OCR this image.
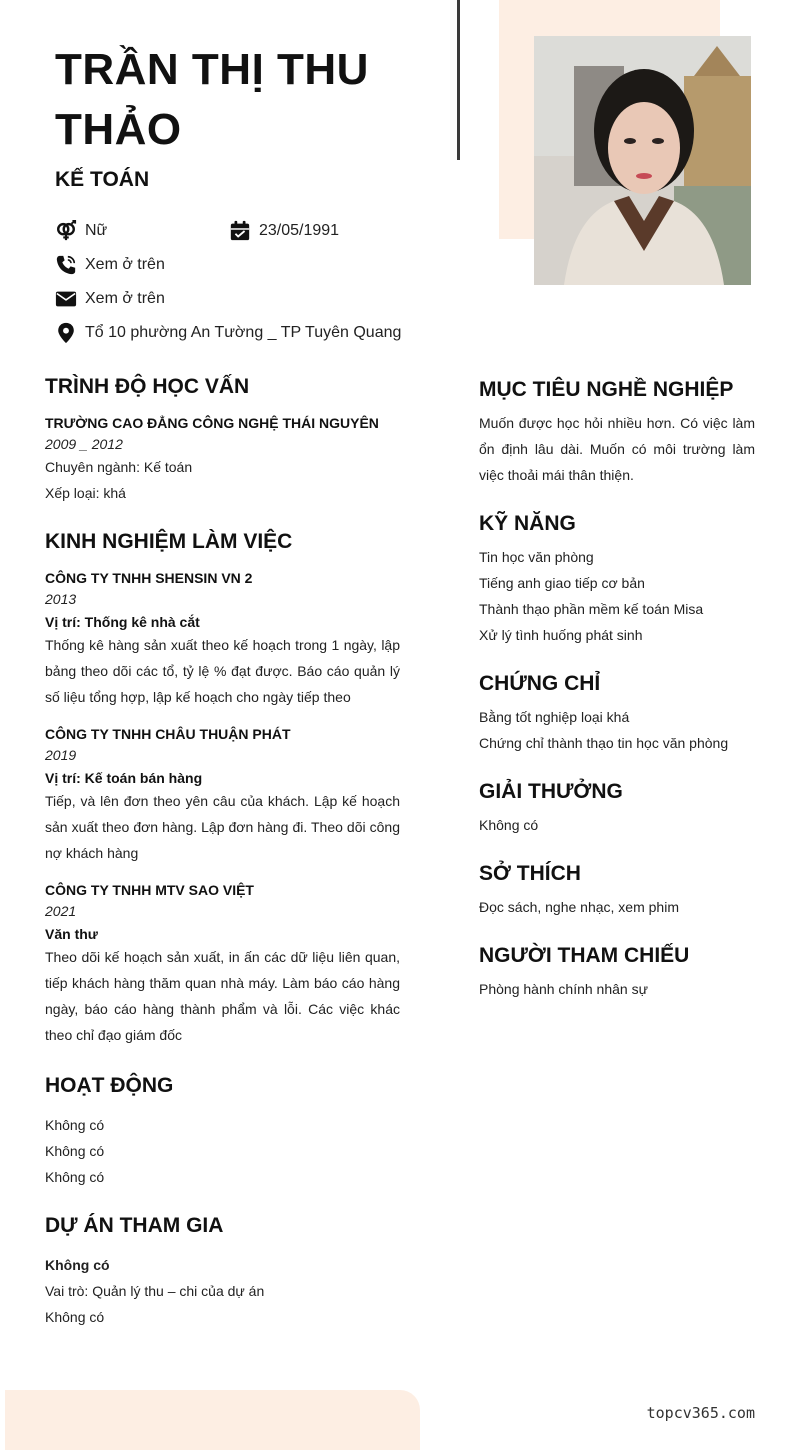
TRẦN THỊ THU THẢO
KẾ TOÁN
Nữ	23/05/1991
Xem ở trên
Xem ở trên
Tổ 10 phường An Tường _ TP Tuyên Quang
TRÌNH ĐỘ HỌC VẤN
TRƯỜNG CAO ĐẲNG CÔNG NGHỆ THÁI NGUYÊN
2009 _ 2012
Chuyên ngành: Kế toán
Xếp loại: khá
KINH NGHIỆM LÀM VIỆC
CÔNG TY TNHH SHENSIN VN 2
2013
Vị trí: Thống kê nhà cắt
Thống kê hàng sản xuất theo kế hoạch trong 1 ngày, lập bảng theo dõi các tổ, tỷ lệ % đạt được. Báo cáo quản lý số liệu tổng hợp, lập kế hoạch cho ngày tiếp theo
CÔNG TY TNHH CHÂU THUẬN PHÁT
2019
Vị trí: Kế toán bán hàng
Tiếp, và lên đơn theo yên câu của khách. Lập kế hoạch sản xuất theo đơn hàng. Lập đơn hàng đi. Theo dõi công nợ khách hàng
CÔNG TY TNHH MTV SAO VIỆT
2021
Văn thư
Theo dõi kế hoạch sản xuất, in ấn các dữ liệu liên quan, tiếp khách hàng thăm quan nhà máy. Làm báo cáo hàng ngày, báo cáo hàng thành phẩm và lỗi. Các việc khác theo chỉ đạo giám đốc
HOẠT ĐỘNG
Không có
Không có
Không có
DỰ ÁN THAM GIA
Không có
Vai trò: Quản lý thu – chi của dự án
Không có
MỤC TIÊU NGHỀ NGHIỆP
Muốn được học hỏi nhiều hơn. Có việc làm ổn định lâu dài. Muốn có môi trường làm việc thoải mái thân thiện.
KỸ NĂNG
Tin học văn phòng
Tiếng anh giao tiếp cơ bản
Thành thạo phần mềm kế toán Misa
Xử lý tình huống phát sinh
CHỨNG CHỈ
Bằng tốt nghiệp loại khá
Chứng chỉ thành thạo tin học văn phòng
GIẢI THƯỞNG
Không có
SỞ THÍCH
Đọc sách, nghe nhạc, xem phim
NGƯỜI THAM CHIẾU
Phòng hành chính nhân sự
topcv365.com
